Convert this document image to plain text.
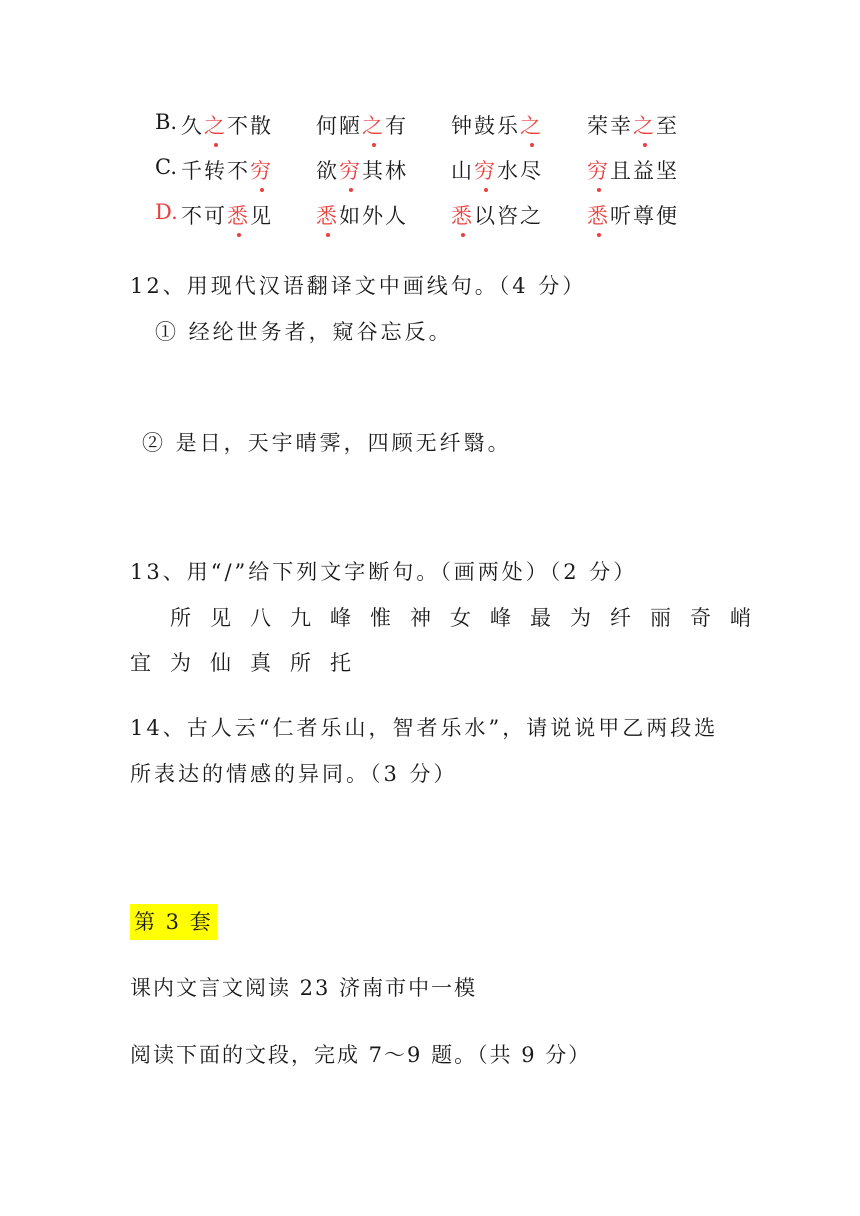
B. 久之不散 何陋之有 钟鼓乐之 荣幸之至
C. 千转不穷 欲穷其林 山穷水尽 穷且益坚
D. 不可悉见 悉如外人 悉以咨之 悉听尊便
12、用现代汉语翻译文中画线句。（4 分）
① 经纶世务者，窥谷忘反。
② 是日，天宇晴霁，四顾无纤翳。
13、用“/”给下列文字断句。（画两处）（2 分）
所见八九峰惟神女峰最为纤丽奇峭
宜为仙真所托
14、古人云“仁者乐山，智者乐水”，请说说甲乙两段选
所表达的情感的异同。（3 分）
第 3 套
课内文言文阅读 23 济南市中一模
阅读下面的文段，完成 7～9 题。（共 9 分）
